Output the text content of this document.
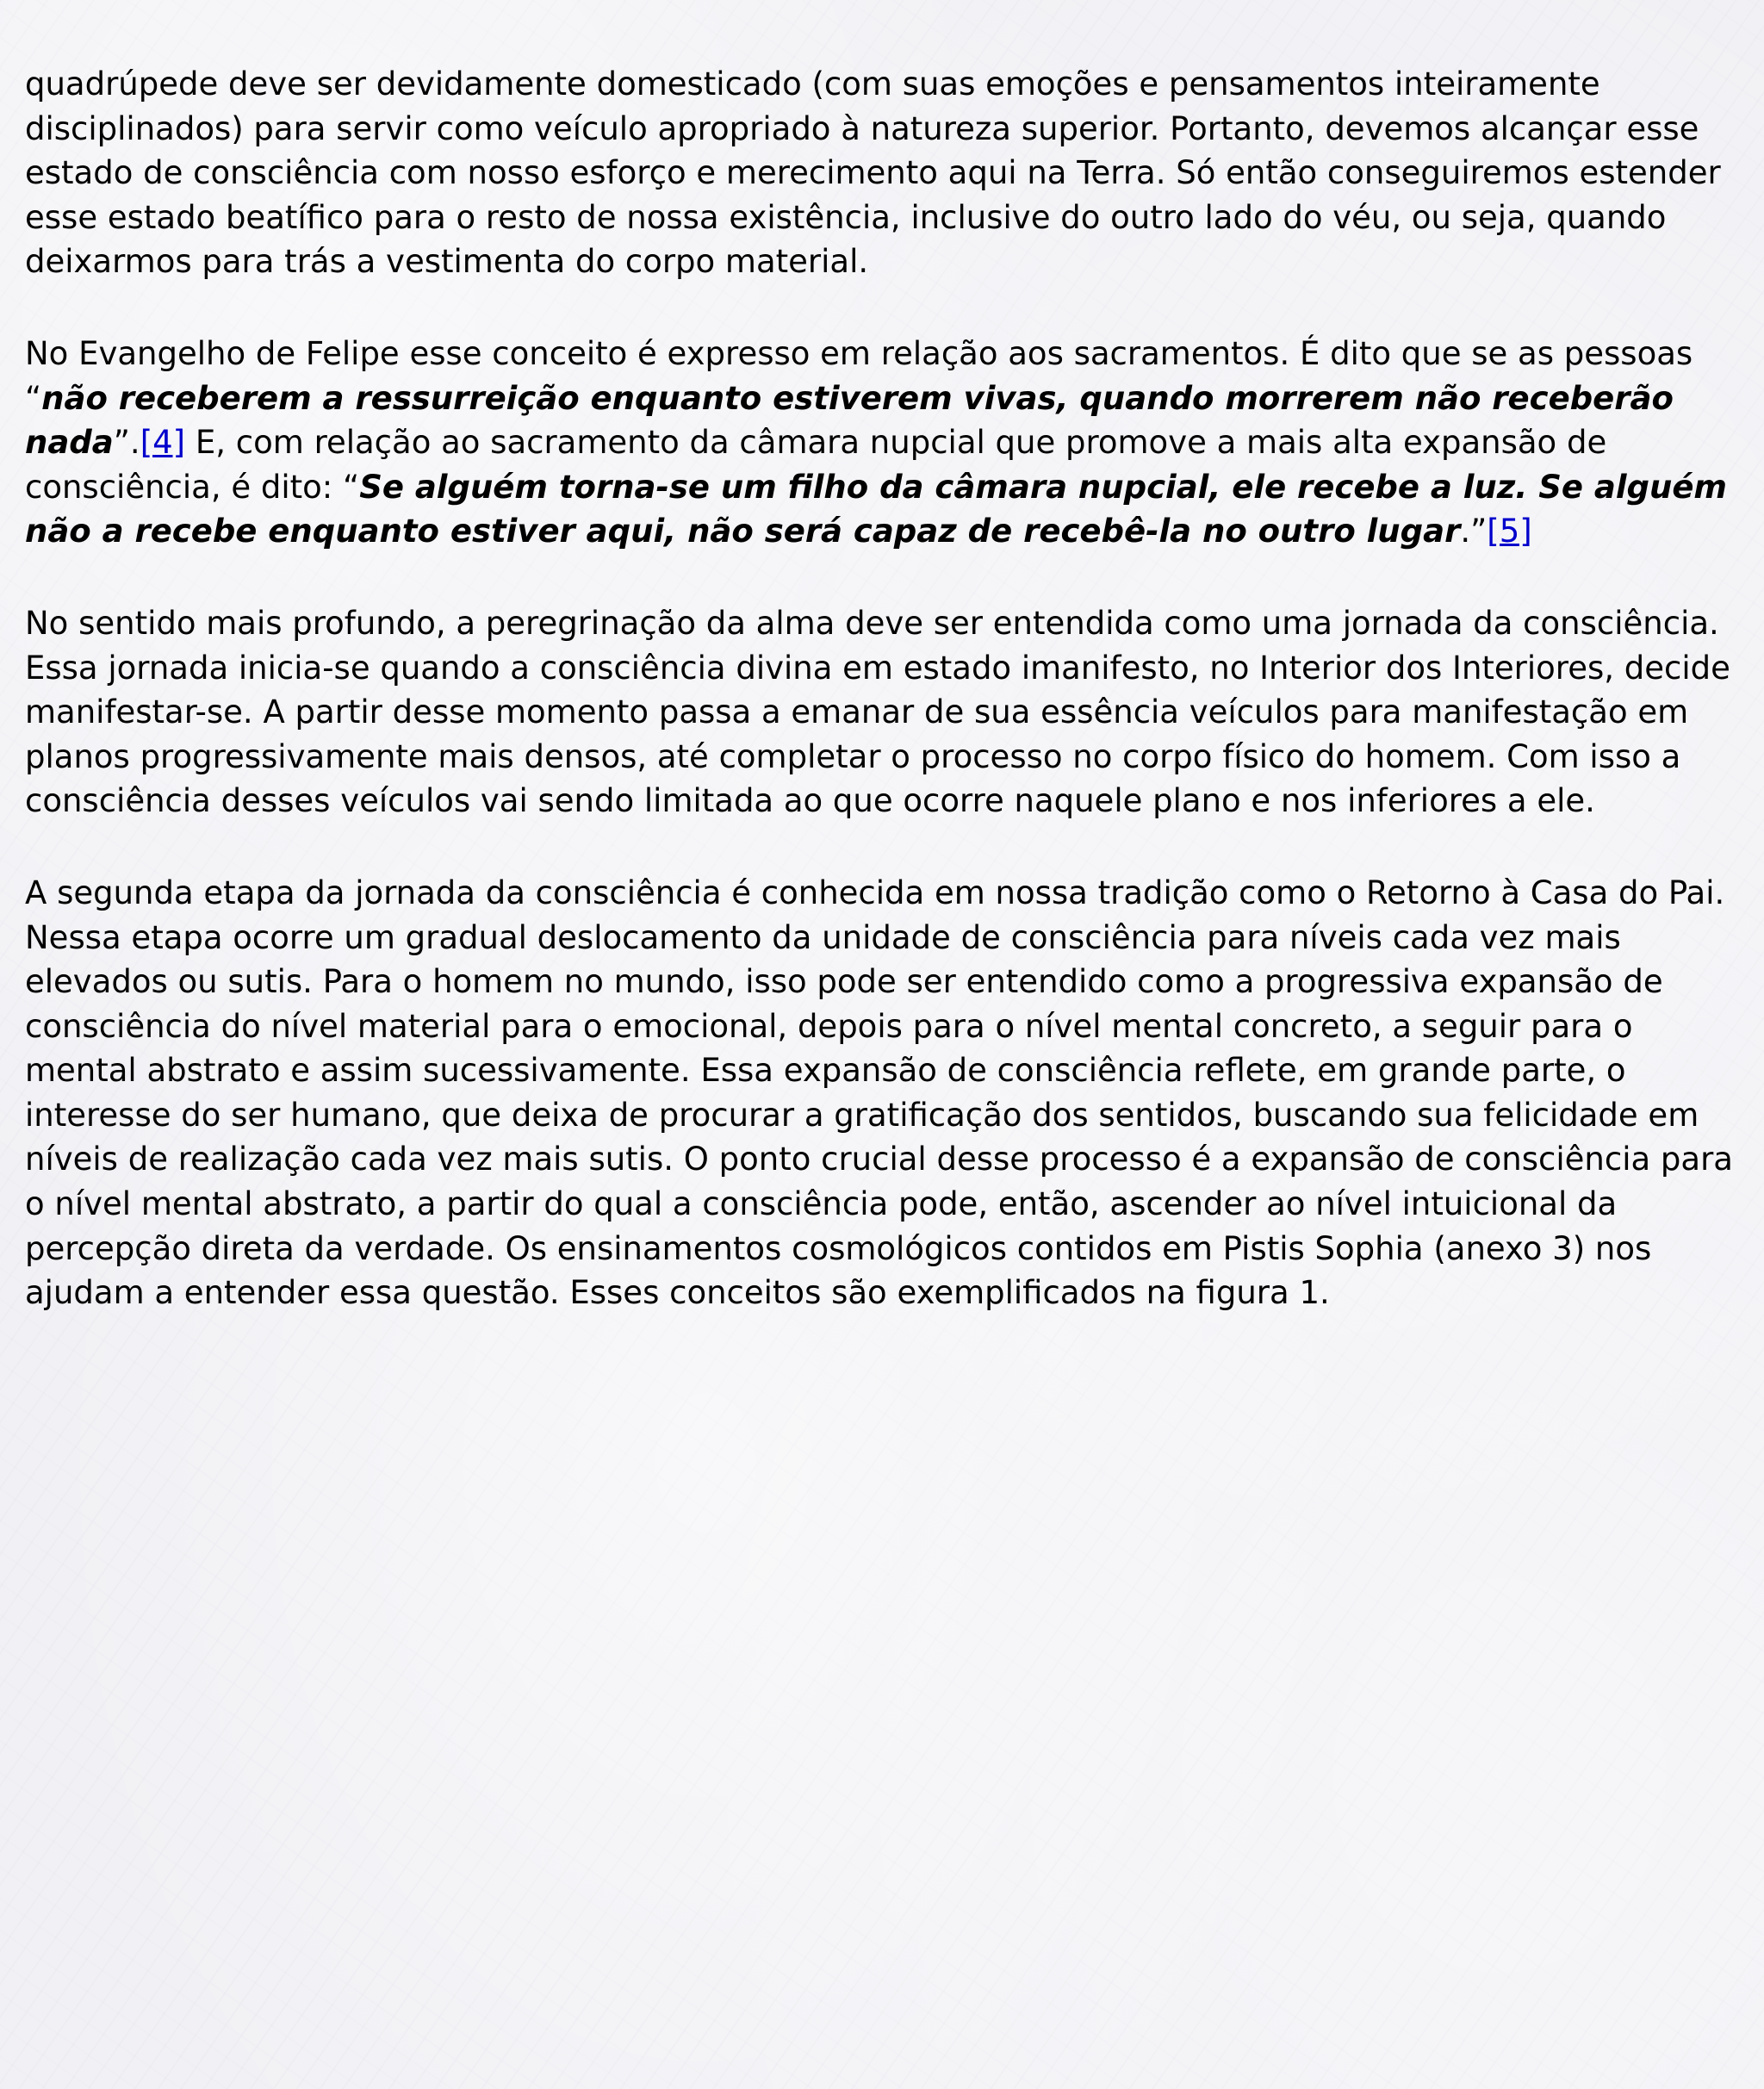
quadrúpede deve ser devidamente domesticado (com suas emoções e pensamentos inteiramente disciplinados) para servir como veículo apropriado à natureza superior. Portanto, devemos alcançar esse estado de consciência com nosso esforço e merecimento aqui na Terra. Só então conseguiremos estender esse estado beatífico para o resto de nossa existência, inclusive do outro lado do véu, ou seja, quando deixarmos para trás a vestimenta do corpo material.

No Evangelho de Felipe esse conceito é expresso em relação aos sacramentos. É dito que se as pessoas “não receberem a ressurreição enquanto estiverem vivas, quando morrerem não receberão nada”.[4] E, com relação ao sacramento da câmara nupcial que promove a mais alta expansão de consciência, é dito: “Se alguém torna-se um filho da câmara nupcial, ele recebe a luz. Se alguém não a recebe enquanto estiver aqui, não será capaz de recebê-la no outro lugar.”[5]

No sentido mais profundo, a peregrinação da alma deve ser entendida como uma jornada da consciência. Essa jornada inicia-se quando a consciência divina em estado imanifesto, no Interior dos Interiores, decide manifestar-se. A partir desse momento passa a emanar de sua essência veículos para manifestação em planos progressivamente mais densos, até completar o processo no corpo físico do homem. Com isso a consciência desses veículos vai sendo limitada ao que ocorre naquele plano e nos inferiores a ele.

A segunda etapa da jornada da consciência é conhecida em nossa tradição como o Retorno à Casa do Pai. Nessa etapa ocorre um gradual deslocamento da unidade de consciência para níveis cada vez mais elevados ou sutis. Para o homem no mundo, isso pode ser entendido como a progressiva expansão de consciência do nível material para o emocional, depois para o nível mental concreto, a seguir para o mental abstrato e assim sucessivamente. Essa expansão de consciência reflete, em grande parte, o interesse do ser humano, que deixa de procurar a gratificação dos sentidos, buscando sua felicidade em níveis de realização cada vez mais sutis. O ponto crucial desse processo é a expansão de consciência para o nível mental abstrato, a partir do qual a consciência pode, então, ascender ao nível intuicional da percepção direta da verdade. Os ensinamentos cosmológicos contidos em Pistis Sophia (anexo 3) nos ajudam a entender essa questão. Esses conceitos são exemplificados na figura 1.
